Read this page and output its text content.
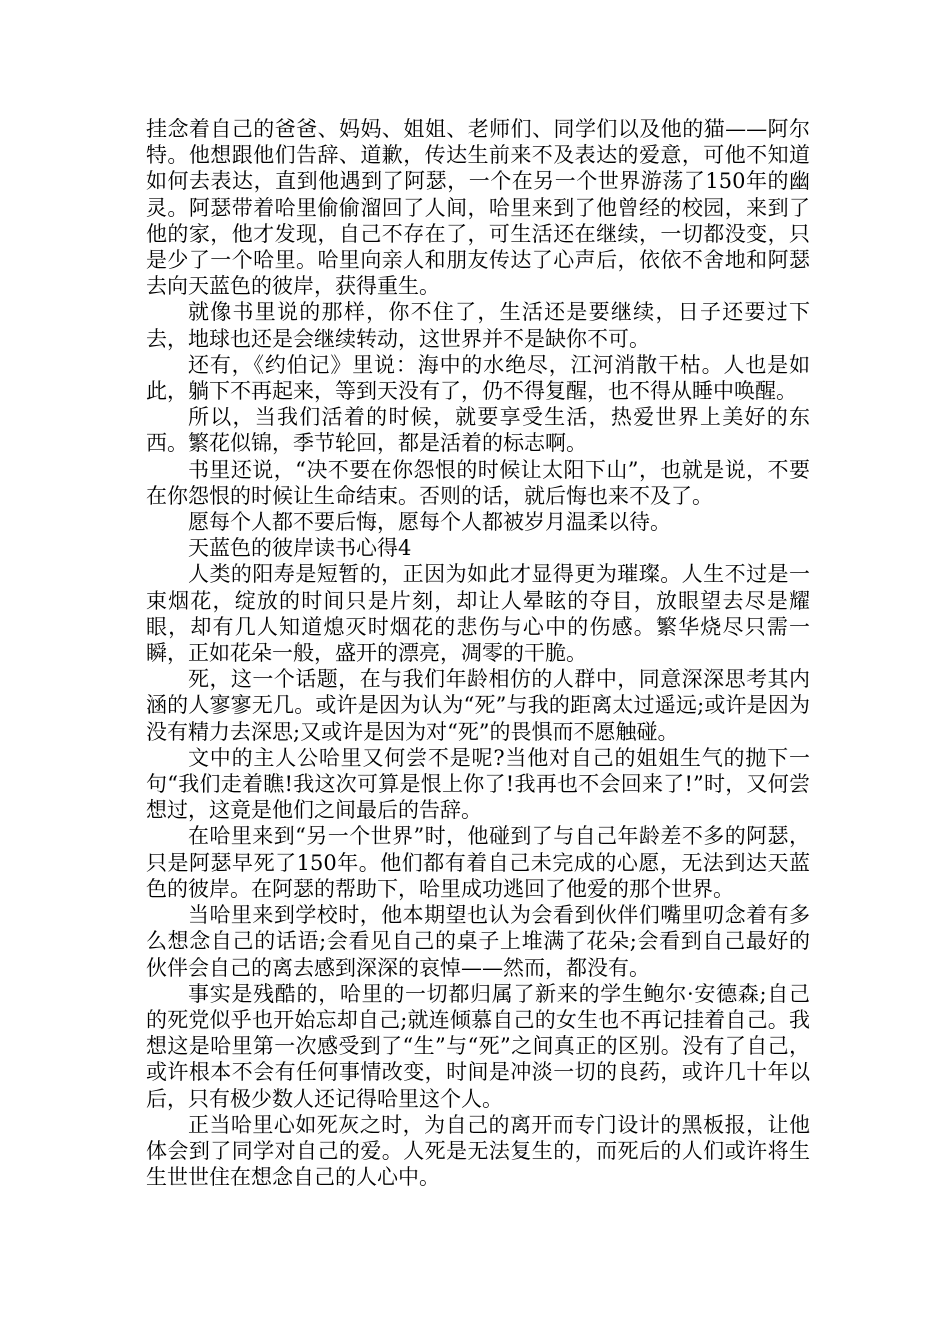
挂念着自己的爸爸、妈妈、姐姐、老师们、同学们以及他的猫——阿尔特。他想跟他们告辞、道歉，传达生前来不及表达的爱意，可他不知道如何去表达，直到他遇到了阿瑟，一个在另一个世界游荡了150年的幽灵。阿瑟带着哈里偷偷溜回了人间，哈里来到了他曾经的校园，来到了他的家，他才发现，自己不存在了，可生活还在继续，一切都没变，只是少了一个哈里。哈里向亲人和朋友传达了心声后，依依不舍地和阿瑟去向天蓝色的彼岸，获得重生。

就像书里说的那样，你不住了，生活还是要继续，日子还要过下去，地球也还是会继续转动，这世界并不是缺你不可。

还有，《约伯记》里说：海中的水绝尽，江河消散干枯。人也是如此，躺下不再起来，等到天没有了，仍不得复醒，也不得从睡中唤醒。

所以，当我们活着的时候，就要享受生活，热爱世界上美好的东西。繁花似锦，季节轮回，都是活着的标志啊。

书里还说，“决不要在你怨恨的时候让太阳下山”，也就是说，不要在你怨恨的时候让生命结束。否则的话，就后悔也来不及了。

愿每个人都不要后悔，愿每个人都被岁月温柔以待。

天蓝色的彼岸读书心得4

人类的阳寿是短暂的，正因为如此才显得更为璀璨。人生不过是一束烟花，绽放的时间只是片刻，却让人晕眩的夺目，放眼望去尽是耀眼，却有几人知道熄灭时烟花的悲伤与心中的伤感。繁华烧尽只需一瞬，正如花朵一般，盛开的漂亮，凋零的干脆。

死，这一个话题，在与我们年龄相仿的人群中，同意深深思考其内涵的人寥寥无几。或许是因为认为“死”与我的距离太过遥远;或许是因为没有精力去深思;又或许是因为对“死”的畏惧而不愿触碰。

文中的主人公哈里又何尝不是呢?当他对自己的姐姐生气的抛下一句“我们走着瞧!我这次可算是恨上你了!我再也不会回来了!”时，又何尝想过，这竟是他们之间最后的告辞。

在哈里来到“另一个世界”时，他碰到了与自己年龄差不多的阿瑟，只是阿瑟早死了150年。他们都有着自己未完成的心愿，无法到达天蓝色的彼岸。在阿瑟的帮助下，哈里成功逃回了他爱的那个世界。

当哈里来到学校时，他本期望也认为会看到伙伴们嘴里叨念着有多么想念自己的话语;会看见自己的桌子上堆满了花朵;会看到自己最好的伙伴会自己的离去感到深深的哀悼——然而，都没有。

事实是残酷的，哈里的一切都归属了新来的学生鲍尔·安德森;自己的死党似乎也开始忘却自己;就连倾慕自己的女生也不再记挂着自己。我想这是哈里第一次感受到了“生”与“死”之间真正的区别。没有了自己，或许根本不会有任何事情改变，时间是冲淡一切的良药，或许几十年以后，只有极少数人还记得哈里这个人。

正当哈里心如死灰之时，为自己的离开而专门设计的黑板报，让他体会到了同学对自己的爱。人死是无法复生的，而死后的人们或许将生生世世住在想念自己的人心中。
